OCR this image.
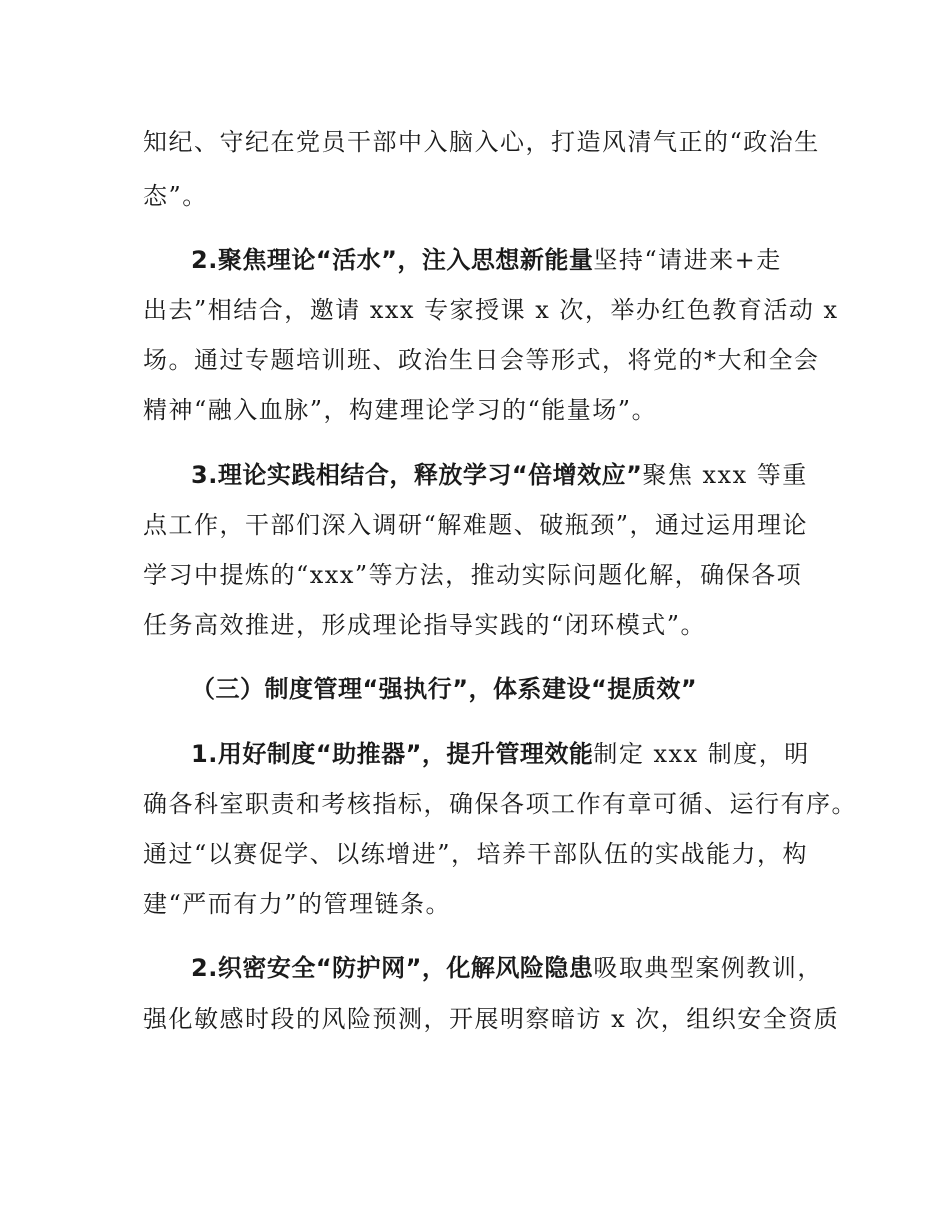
知纪、守纪在党员干部中入脑入心，打造风清气正的“政治生
态”。
2.聚焦理论“活水”，注入思想新能量坚持“请进来+走
出去”相结合，邀请 xxx 专家授课 x 次，举办红色教育活动 x
场。通过专题培训班、政治生日会等形式，将党的*大和全会
精神“融入血脉”，构建理论学习的“能量场”。
3.理论实践相结合，释放学习“倍增效应”聚焦 xxx 等重
点工作，干部们深入调研“解难题、破瓶颈”，通过运用理论
学习中提炼的“xxx”等方法，推动实际问题化解，确保各项
任务高效推进，形成理论指导实践的“闭环模式”。
（三）制度管理“强执行”，体系建设“提质效”
1.用好制度“助推器”，提升管理效能制定 xxx 制度，明
确各科室职责和考核指标，确保各项工作有章可循、运行有序。
通过“以赛促学、以练增进”，培养干部队伍的实战能力，构
建“严而有力”的管理链条。
2.织密安全“防护网”，化解风险隐患吸取典型案例教训，
强化敏感时段的风险预测，开展明察暗访 x 次，组织安全资质
